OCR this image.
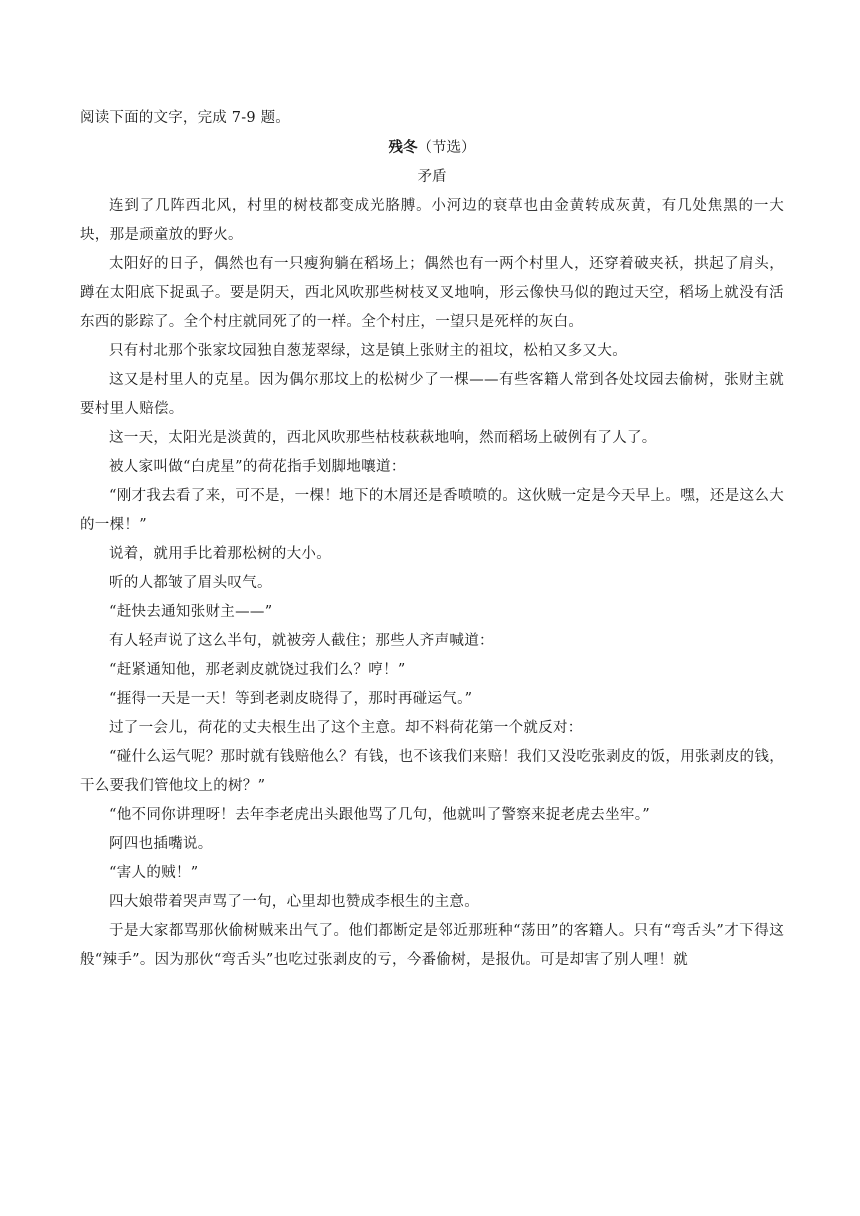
阅读下面的文字，完成 7-9 题。

残冬（节选）

矛盾

连到了几阵西北风，村里的树枝都变成光胳膊。小河边的衰草也由金黄转成灰黄，有几处焦黑的一大块，那是顽童放的野火。

太阳好的日子，偶然也有一只瘦狗躺在稻场上；偶然也有一两个村里人，还穿着破夹袄，拱起了肩头，蹲在太阳底下捉虱子。要是阴天，西北风吹那些树枝叉叉地响，形云像快马似的跑过天空，稻场上就没有活东西的影踪了。全个村庄就同死了的一样。全个村庄，一望只是死样的灰白。

只有村北那个张家坟园独自葱茏翠绿，这是镇上张财主的祖坟，松柏又多又大。

这又是村里人的克星。因为偶尔那坟上的松树少了一棵——有些客籍人常到各处坟园去偷树，张财主就要村里人赔偿。

这一天，太阳光是淡黄的，西北风吹那些枯枝萩萩地响，然而稻场上破例有了人了。

被人家叫做“白虎星”的荷花指手划脚地嚷道：

“刚才我去看了来，可不是，一棵！地下的木屑还是香喷喷的。这伙贼一定是今天早上。嘿，还是这么大的一棵！”

说着，就用手比着那松树的大小。

听的人都皱了眉头叹气。

“赶快去通知张财主——”

有人轻声说了这么半句，就被旁人截住；那些人齐声喊道：

“赶紧通知他，那老剥皮就饶过我们么？哼！”

“捱得一天是一天！等到老剥皮晓得了，那时再碰运气。”

过了一会儿，荷花的丈夫根生出了这个主意。却不料荷花第一个就反对：

“碰什么运气呢？那时就有钱赔他么？有钱，也不该我们来赔！我们又没吃张剥皮的饭，用张剥皮的钱，干么要我们管他坟上的树？”

“他不同你讲理呀！去年李老虎出头跟他骂了几句，他就叫了警察来捉老虎去坐牢。”

阿四也插嘴说。

“害人的贼！”

四大娘带着哭声骂了一句，心里却也赞成李根生的主意。

于是大家都骂那伙偷树贼来出气了。他们都断定是邻近那班种“荡田”的客籍人。只有“弯舌头”才下得这般“辣手”。因为那伙“弯舌头”也吃过张剥皮的亏，今番偷树，是报仇。可是却害了别人哩！就
